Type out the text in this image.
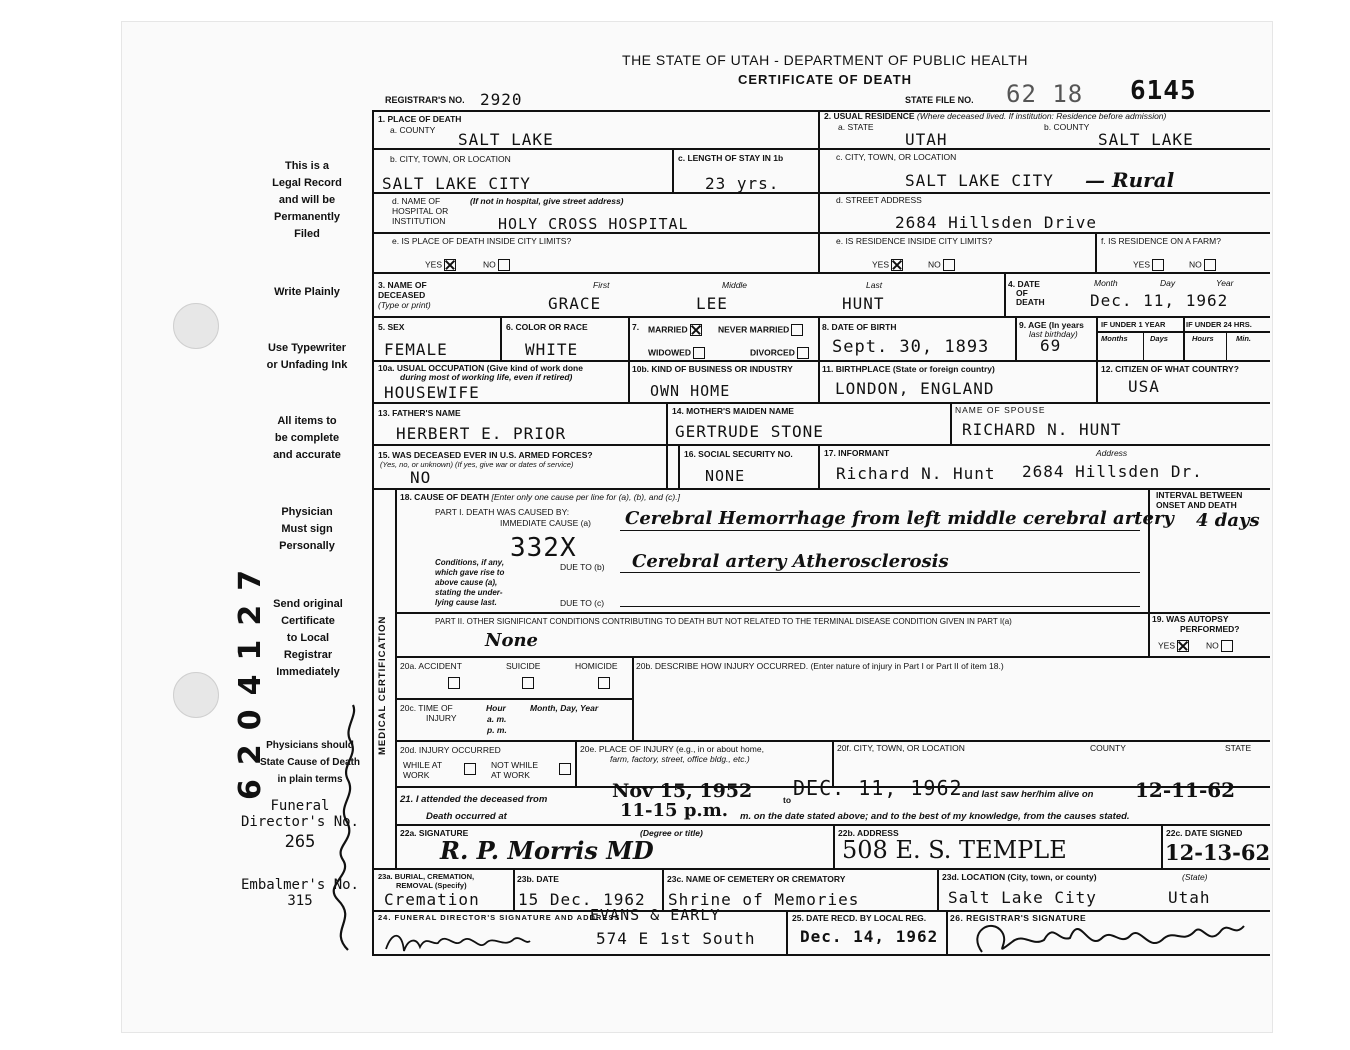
This is a
Legal Record
and will be
Permanently
Filed
Write Plainly
Use Typewriter
or Unfading Ink
All items to
be complete
and accurate
Physician
Must sign
Personally
Send original
Certificate
to Local
Registrar
Immediately
Physicians should
State Cause of Death
in plain terms
Funeral
Director's No.
265
Embalmer's No.
315
6204127
THE STATE OF UTAH - DEPARTMENT OF PUBLIC HEALTH
CERTIFICATE OF DEATH
REGISTRAR'S NO. 2920	STATE FILE NO. 62 18 6145
1. PLACE OF DEATH
a. COUNTY SALT LAKE
2. USUAL RESIDENCE (Where deceased lived. If institution: Residence before admission)
a. STATE	b. COUNTY
UTAH	SALT LAKE
b. CITY, TOWN, OR LOCATION
SALT LAKE CITY
c. LENGTH OF STAY IN 1b
23 yrs.
c. CITY, TOWN, OR LOCATION
SALT LAKE CITY — Rural
d. NAME OF
HOSPITAL OR
INSTITUTION
(If not in hospital, give street address)
HOLY CROSS HOSPITAL
d. STREET ADDRESS
2684 Hillsden Drive
e. IS PLACE OF DEATH INSIDE CITY LIMITS?
YES	NO
e. IS RESIDENCE INSIDE CITY LIMITS?
YES	NO
f. IS RESIDENCE ON A FARM?
YES	NO
3. NAME OF
DECEASED
(Type or print)
First	Middle	Last
GRACE	LEE	HUNT
4. DATE
OF
DEATH
Month	Day	Year
Dec. 11, 1962
5. SEX
FEMALE
6. COLOR OR RACE
WHITE
7. MARRIED	NEVER MARRIED
WIDOWED	DIVORCED
8. DATE OF BIRTH
Sept. 30, 1893
9. AGE (In years
last birthday)
69
IF UNDER 1 YEAR	IF UNDER 24 HRS.
Months	Days	Hours	Min.
10a. USUAL OCCUPATION (Give kind of work done
during most of working life, even if retired)
HOUSEWIFE
10b. KIND OF BUSINESS OR INDUSTRY
OWN HOME
11. BIRTHPLACE (State or foreign country)
LONDON, ENGLAND
12. CITIZEN OF WHAT COUNTRY?
USA
13. FATHER'S NAME
HERBERT E. PRIOR
14. MOTHER'S MAIDEN NAME
GERTRUDE STONE
NAME OF SPOUSE
RICHARD N. HUNT
15. WAS DECEASED EVER IN U.S. ARMED FORCES?
(Yes, no, or unknown) (If yes, give war or dates of service)
NO
16. SOCIAL SECURITY NO.
NONE
17. INFORMANT	Address
Richard N. Hunt 2684 Hillsden Dr.
MEDICAL CERTIFICATION
18. CAUSE OF DEATH [Enter only one cause per line for (a), (b), and (c).]
PART I. DEATH WAS CAUSED BY:
IMMEDIATE CAUSE (a) Cerebral Hemorrhage from left middle cerebral artery
332X
Conditions, if any,
which gave rise to
above cause (a),
stating the under-
lying cause last.
DUE TO (b) Cerebral artery Atherosclerosis
DUE TO (c)
INTERVAL BETWEEN
ONSET AND DEATH
4 days
PART II. OTHER SIGNIFICANT CONDITIONS CONTRIBUTING TO DEATH BUT NOT RELATED TO THE TERMINAL DISEASE CONDITION GIVEN IN PART I(a)
None
19. WAS AUTOPSY
PERFORMED?
YES	NO
20a. ACCIDENT	SUICIDE	HOMICIDE 20b. DESCRIBE HOW INJURY OCCURRED. (Enter nature of injury in Part I or Part II of item 18.)
20c. TIME OF
INJURY
Hour
a. m.
p. m.
Month, Day, Year
20d. INJURY OCCURRED
WHILE AT
WORK
NOT WHILE
AT WORK
20e. PLACE OF INJURY (e.g., in or about home,
farm, factory, street, office bldg., etc.)
20f. CITY, TOWN, OR LOCATION	COUNTY	STATE
21. I attended the deceased from	Nov 15, 1952	to DEC. 11, 1962 and last saw her/him alive on 12-11-62
Death occurred at	11-15 p.m. m. on the date stated above; and to the best of my knowledge, from the causes stated.
22a. SIGNATURE	(Degree or title)
R. P. Morris MD
22b. ADDRESS
508 E. S. TEMPLE
22c. DATE SIGNED
12-13-62
23a. BURIAL, CREMATION,
REMOVAL (Specify)
Cremation
23b. DATE
15 Dec. 1962
23c. NAME OF CEMETERY OR CREMATORY
Shrine of Memories
23d. LOCATION (City, town, or county)	(State)
Salt Lake City	Utah
24. FUNERAL DIRECTOR'S SIGNATURE AND ADDRESS
EVANS & EARLY
574 E 1st South
25. DATE RECD. BY LOCAL REG.
Dec. 14, 1962
26. REGISTRAR'S SIGNATURE
